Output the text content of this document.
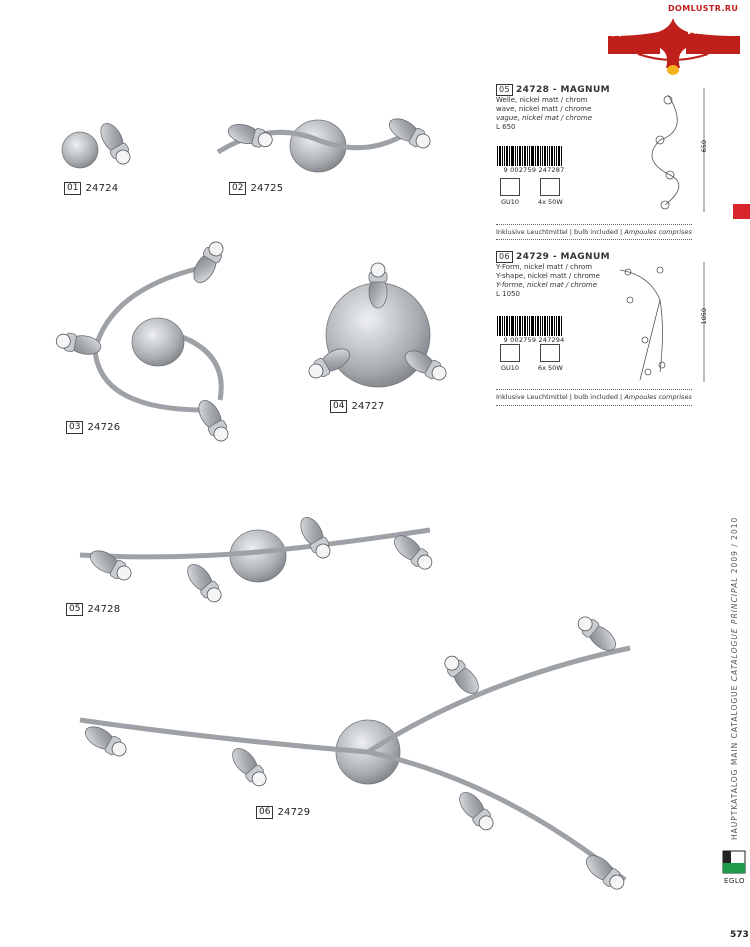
DOMLUSTR.RU
ДОМ	ЛЮСТР
01 24724	02 24725
03 24726
04 24727
05 24728
06 24729
05 24728 - MAGNUM
Welle, nickel matt / chrom
wave, nickel matt / chrome
vague, nickel mat / chrome
L 650
9 002759 247287
GU10	4x 50W
650
Inklusive Leuchtmittel | bulb included | Ampoules comprises
06 24729 - MAGNUM
Y-Form, nickel matt / chrom
Y-shape, nickel matt / chrome
Y-forme, nickel mat / chrome
L 1050
9 002759 247294
GU10	6x 50W
1050
Inklusive Leuchtmittel | bulb included | Ampoules comprises
HAUPTKATALOG MAIN CATALOGUE CATALOGUE PRINCIPAL 2009 / 2010
EGLO
573
